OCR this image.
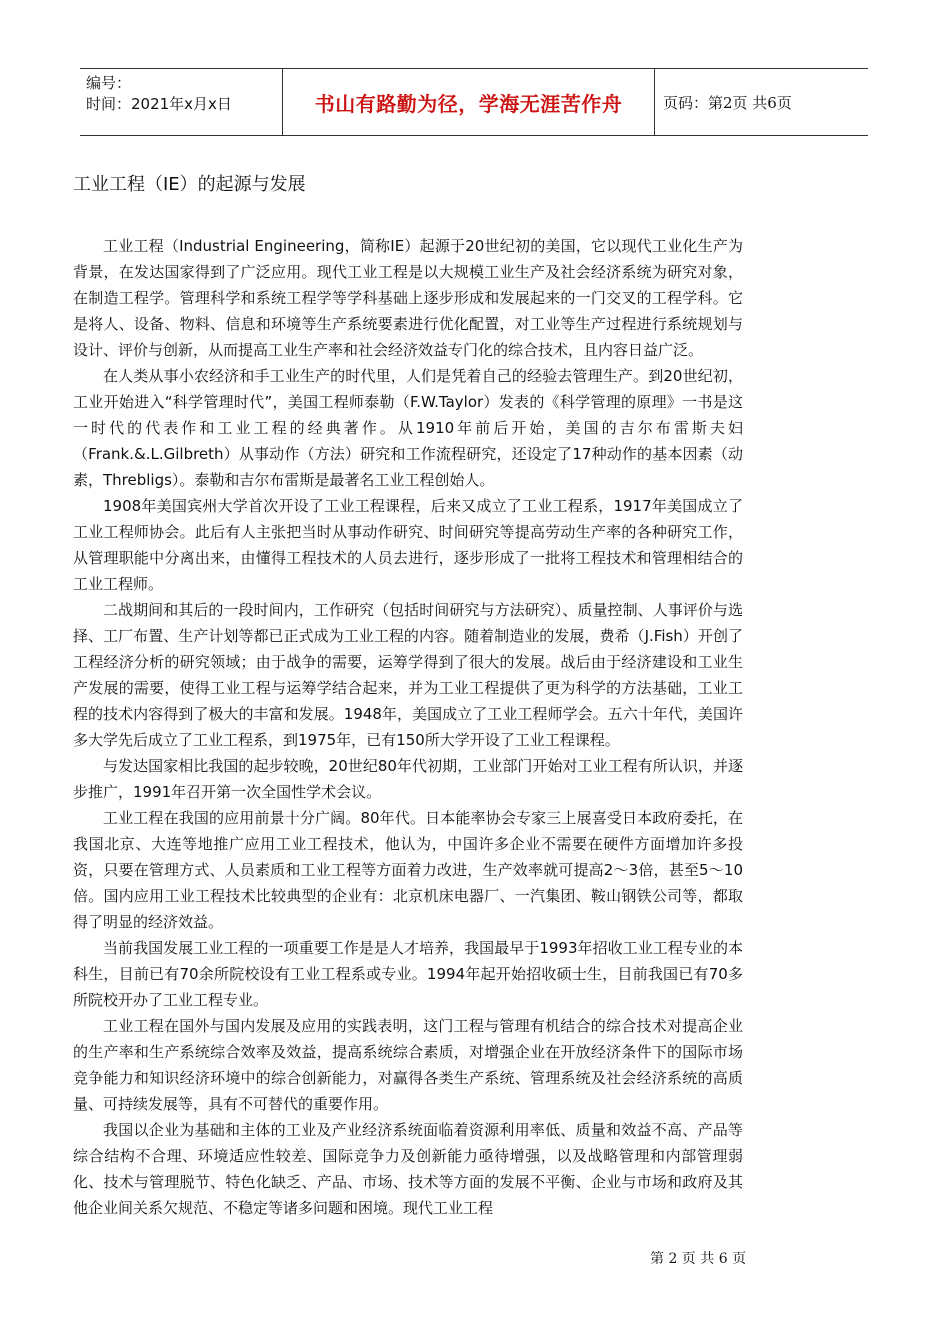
编号：
时间：2021年x月x日	书山有路勤为径，学海无涯苦作舟	页码：第2页 共6页
工业工程（IE）的起源与发展

工业工程（Industrial Engineering，简称IE）起源于20世纪初的美国，它以现代工业化生产为背景，在发达国家得到了广泛应用。现代工业工程是以大规模工业生产及社会经济系统为研究对象，在制造工程学。管理科学和系统工程学等学科基础上逐步形成和发展起来的一门交叉的工程学科。它是将人、设备、物料、信息和环境等生产系统要素进行优化配置，对工业等生产过程进行系统规划与设计、评价与创新，从而提高工业生产率和社会经济效益专门化的综合技术，且内容日益广泛。

在人类从事小农经济和手工业生产的时代里，人们是凭着自己的经验去管理生产。到20世纪初，工业开始进入“科学管理时代”，美国工程师泰勒（F.W.Taylor）发表的《科学管理的原理》一书是这一时代的代表作和工业工程的经典著作。从1910年前后开始，美国的吉尔布雷斯夫妇（Frank.&.L.Gilbreth）从事动作（方法）研究和工作流程研究，还设定了17种动作的基本因素（动素，Threbligs）。泰勒和吉尔布雷斯是最著名工业工程创始人。

1908年美国宾州大学首次开设了工业工程课程，后来又成立了工业工程系，1917年美国成立了工业工程师协会。此后有人主张把当时从事动作研究、时间研究等提高劳动生产率的各种研究工作，从管理职能中分离出来，由懂得工程技术的人员去进行，逐步形成了一批将工程技术和管理相结合的工业工程师。

二战期间和其后的一段时间内，工作研究（包括时间研究与方法研究）、质量控制、人事评价与选择、工厂布置、生产计划等都已正式成为工业工程的内容。随着制造业的发展，费希（J.Fish）开创了工程经济分析的研究领域；由于战争的需要，运筹学得到了很大的发展。战后由于经济建设和工业生产发展的需要，使得工业工程与运筹学结合起来，并为工业工程提供了更为科学的方法基础，工业工程的技术内容得到了极大的丰富和发展。1948年，美国成立了工业工程师学会。五六十年代，美国许多大学先后成立了工业工程系，到1975年，已有150所大学开设了工业工程课程。

与发达国家相比我国的起步较晚，20世纪80年代初期，工业部门开始对工业工程有所认识，并逐步推广，1991年召开第一次全国性学术会议。

工业工程在我国的应用前景十分广阔。80年代。日本能率协会专家三上展喜受日本政府委托，在我国北京、大连等地推广应用工业工程技术，他认为，中国许多企业不需要在硬件方面增加许多投资，只要在管理方式、人员素质和工业工程等方面着力改进，生产效率就可提高2～3倍，甚至5～10倍。国内应用工业工程技术比较典型的企业有：北京机床电器厂、一汽集团、鞍山钢铁公司等，都取得了明显的经济效益。

当前我国发展工业工程的一项重要工作是是人才培养，我国最早于1993年招收工业工程专业的本科生，目前已有70余所院校设有工业工程系或专业。1994年起开始招收硕士生，目前我国已有70多所院校开办了工业工程专业。

工业工程在国外与国内发展及应用的实践表明，这门工程与管理有机结合的综合技术对提高企业的生产率和生产系统综合效率及效益，提高系统综合素质，对增强企业在开放经济条件下的国际市场竞争能力和知识经济环境中的综合创新能力，对赢得各类生产系统、管理系统及社会经济系统的高质量、可持续发展等，具有不可替代的重要作用。

我国以企业为基础和主体的工业及产业经济系统面临着资源利用率低、质量和效益不高、产品等综合结构不合理、环境适应性较差、国际竞争力及创新能力亟待增强，以及战略管理和内部管理弱化、技术与管理脱节、特色化缺乏、产品、市场、技术等方面的发展不平衡、企业与市场和政府及其他企业间关系欠规范、不稳定等诸多问题和困境。现代工业工程

第 2 页 共 6 页
